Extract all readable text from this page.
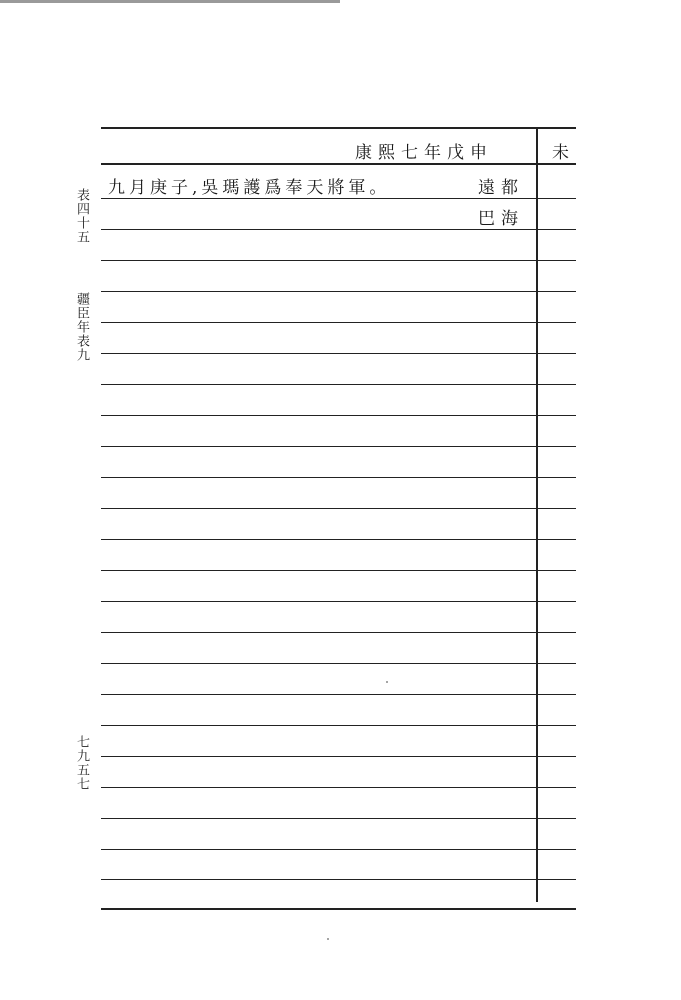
表四十五
疆臣年表九
七九五七
康熙七年戊申	未
遠都
九月庚子,吳瑪護爲奉天將軍。
巴海
